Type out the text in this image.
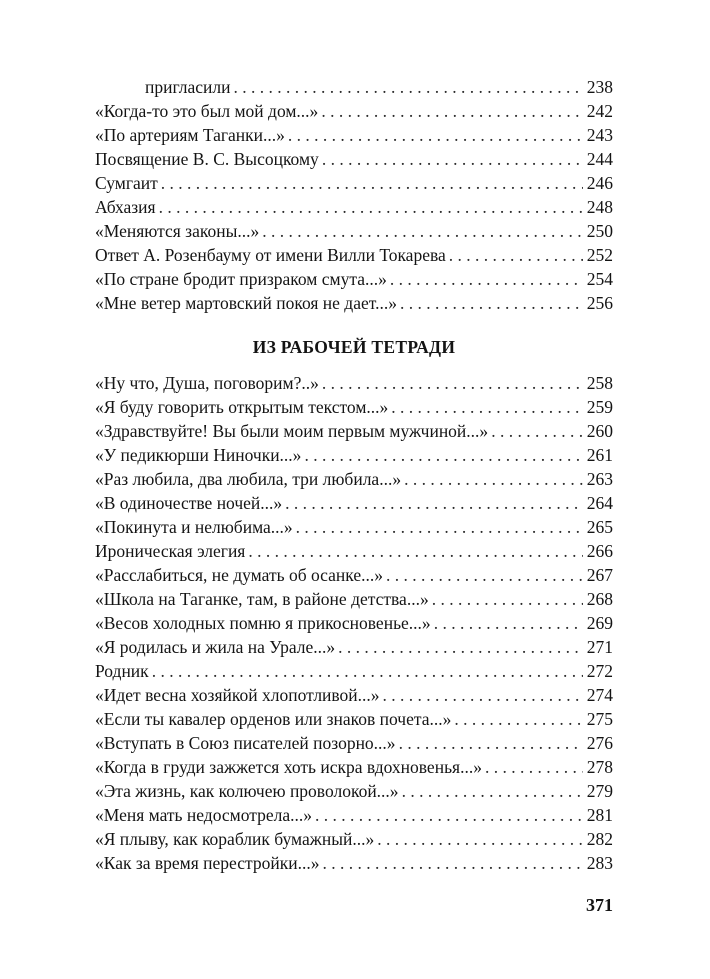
пригласили . . .	238
«Когда-то это был мой дом...» . . .	242
«По артериям Таганки...» . . .	243
Посвящение В. С. Высоцкому . . .	244
Сумгаит . . .	246
Абхазия . . .	248
«Меняются законы...» . . .	250
Ответ А. Розенбауму от имени Вилли Токарева . . .	252
«По стране бродит призраком смута...» . . .	254
«Мне ветер мартовский покоя не дает...» . . .	256
ИЗ РАБОЧЕЙ ТЕТРАДИ
«Ну что, Душа, поговорим?..» . . .	258
«Я буду говорить открытым текстом...» . . .	259
«Здравствуйте! Вы были моим первым мужчиной...» . . .	260
«У педикюрши Ниночки...» . . .	261
«Раз любила, два любила, три любила...» . . .	263
«В одиночестве ночей...» . . .	264
«Покинута и нелюбима...» . . .	265
Ироническая элегия . . .	266
«Расслабиться, не думать об осанке...» . . .	267
«Школа на Таганке, там, в районе детства...» . . .	268
«Весов холодных помню я прикосновенье...» . . .	269
«Я родилась и жила на Урале...» . . .	271
Родник . . .	272
«Идет весна хозяйкой хлопотливой...» . . .	274
«Если ты кавалер орденов или знаков почета...» . . .	275
«Вступать в Союз писателей позорно...» . . .	276
«Когда в груди зажжется хоть искра вдохновенья...» . . .	278
«Эта жизнь, как колючею проволокой...» . . .	279
«Меня мать недосмотрела...» . . .	281
«Я плыву, как кораблик бумажный...» . . .	282
«Как за время перестройки...» . . .	283
371
